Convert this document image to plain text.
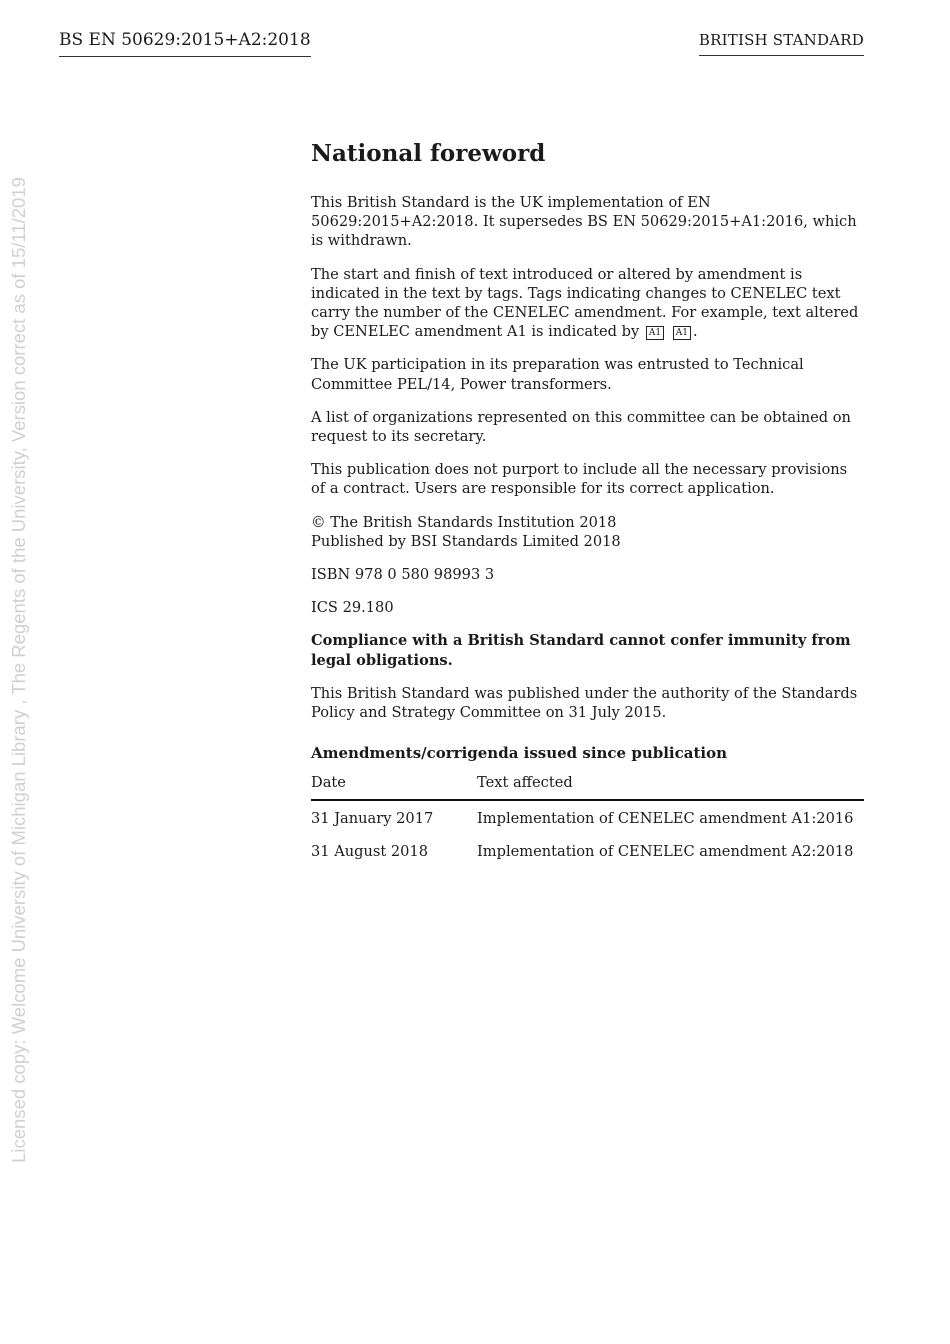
BS EN 50629:2015+A2:2018	BRITISH STANDARD
Licensed copy: Welcome University of Michigan Library , The Regents of the University, Version correct as of 15/11/2019
National foreword

This British Standard is the UK implementation of EN 50629:2015+A2:2018. It supersedes BS EN 50629:2015+A1:2016, which is withdrawn.

The start and finish of text introduced or altered by amendment is indicated in the text by tags. Tags indicating changes to CENELEC text carry the number of the CENELEC amendment. For example, text altered by CENELEC amendment A1 is indicated by A1 A1 .

The UK participation in its preparation was entrusted to Technical Committee PEL/14, Power transformers.

A list of organizations represented on this committee can be obtained on request to its secretary.

This publication does not purport to include all the necessary provisions of a contract. Users are responsible for its correct application.

© The British Standards Institution 2018
Published by BSI Standards Limited 2018

ISBN 978 0 580 98993 3

ICS 29.180

Compliance with a British Standard cannot confer immunity from legal obligations.

This British Standard was published under the authority of the Standards Policy and Strategy Committee on 31 July 2015.

Amendments/corrigenda issued since publication
Date	Text affected
31 January 2017	Implementation of CENELEC amendment A1:2016
31 August 2018	Implementation of CENELEC amendment A2:2018
